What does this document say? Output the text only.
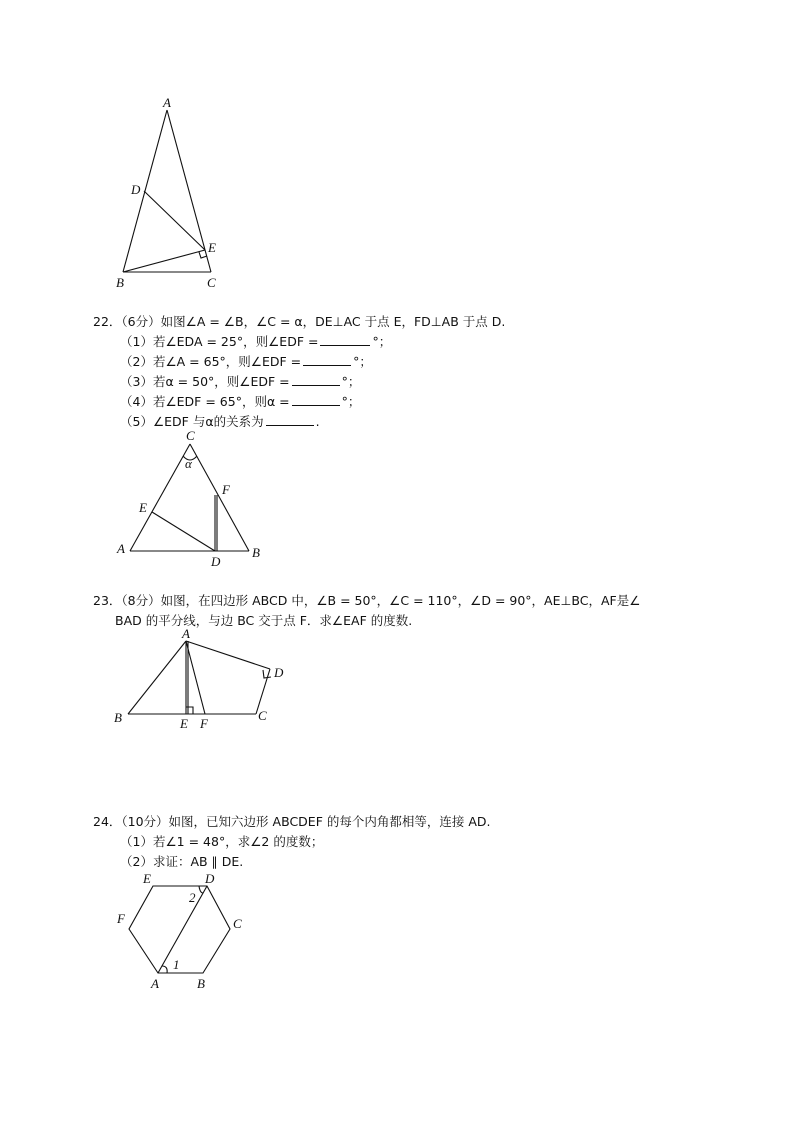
A
B	C
D
E
22．（6分）如图∠A = ∠B，∠C = α，DE⊥AC 于点 E，FD⊥AB 于点 D.
（1）若∠EDA = 25°，则∠EDF =	°；
（2）若∠A = 65°，则∠EDF =	°；
（3）若α = 50°，则∠EDF =	°；
（4）若∠EDF = 65°，则α =	°；
（5）∠EDF 与α的关系为	.
C
α
F
E
A
D
B
23．（8分）如图，在四边形 ABCD 中，∠B = 50°，∠C = 110°，∠D = 90°，AE⊥BC，AF是∠
BAD 的平分线，与边 BC 交于点 F．求∠EAF 的度数.
A
D
B	E F
C
24．（10分）如图，已知六边形 ABCDEF 的每个内角都相等，连接 AD.
（1）若∠1 = 48°，求∠2 的度数；
（2）求证：AB ∥ DE.
E	D
2
F	C
1
A	B
